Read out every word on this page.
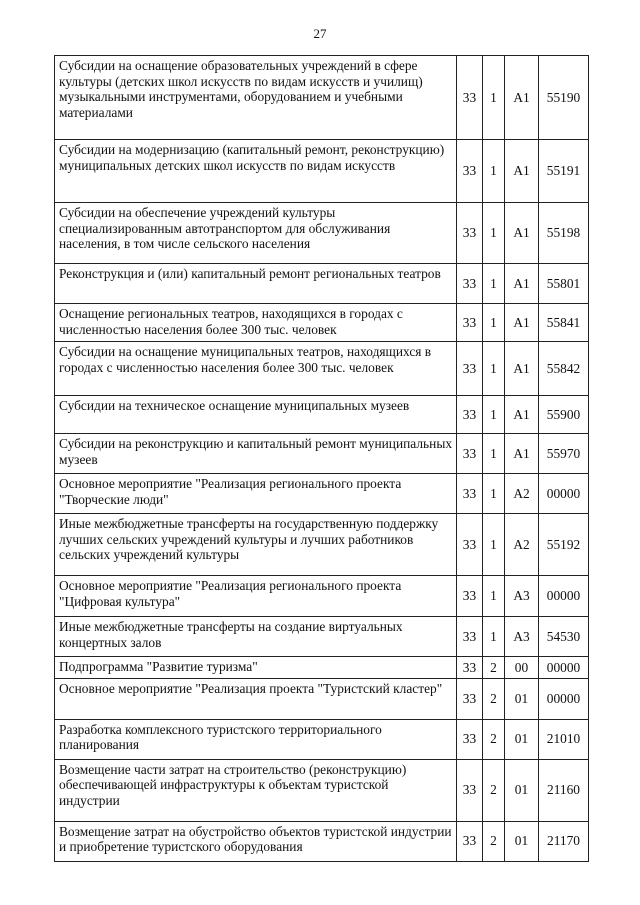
27
Субсидии на оснащение образовательных учреждений в сфере культуры (детских школ искусств по видам искусств и училищ) музыкальными инструментами, оборудованием и учебными материалами	33	1	A1	55190
Субсидии на модернизацию (капитальный ремонт, реконструкцию) муниципальных детских школ искусств по видам искусств	33	1	A1	55191
Субсидии на обеспечение учреждений культуры специализированным автотранспортом для обслуживания населения, в том числе сельского населения	33	1	A1	55198
Реконструкция и (или) капитальный ремонт региональных театров	33	1	A1	55801
Оснащение региональных театров, находящихся в городах с численностью населения более 300 тыс. человек	33	1	A1	55841
Субсидии на оснащение муниципальных театров, находящихся в городах с численностью населения более 300 тыс. человек	33	1	A1	55842
Субсидии на техническое оснащение муниципальных музеев	33	1	A1	55900
Субсидии на реконструкцию и капитальный ремонт муниципальных музеев	33	1	A1	55970
Основное мероприятие "Реализация регионального проекта "Творческие люди"	33	1	A2	00000
Иные межбюджетные трансферты на государственную поддержку лучших сельских учреждений культуры и лучших работников сельских учреждений культуры	33	1	A2	55192
Основное мероприятие "Реализация регионального проекта "Цифровая культура"	33	1	A3	00000
Иные межбюджетные трансферты на создание виртуальных концертных залов	33	1	A3	54530
Подпрограмма "Развитие туризма"	33	2	00	00000
Основное мероприятие "Реализация проекта "Туристский кластер"	33	2	01	00000
Разработка комплексного туристского территориального планирования	33	2	01	21010
Возмещение части затрат на строительство (реконструкцию) обеспечивающей инфраструктуры к объектам туристской индустрии	33	2	01	21160
Возмещение затрат на обустройство объектов туристской индустрии и приобретение туристского оборудования	33	2	01	21170
